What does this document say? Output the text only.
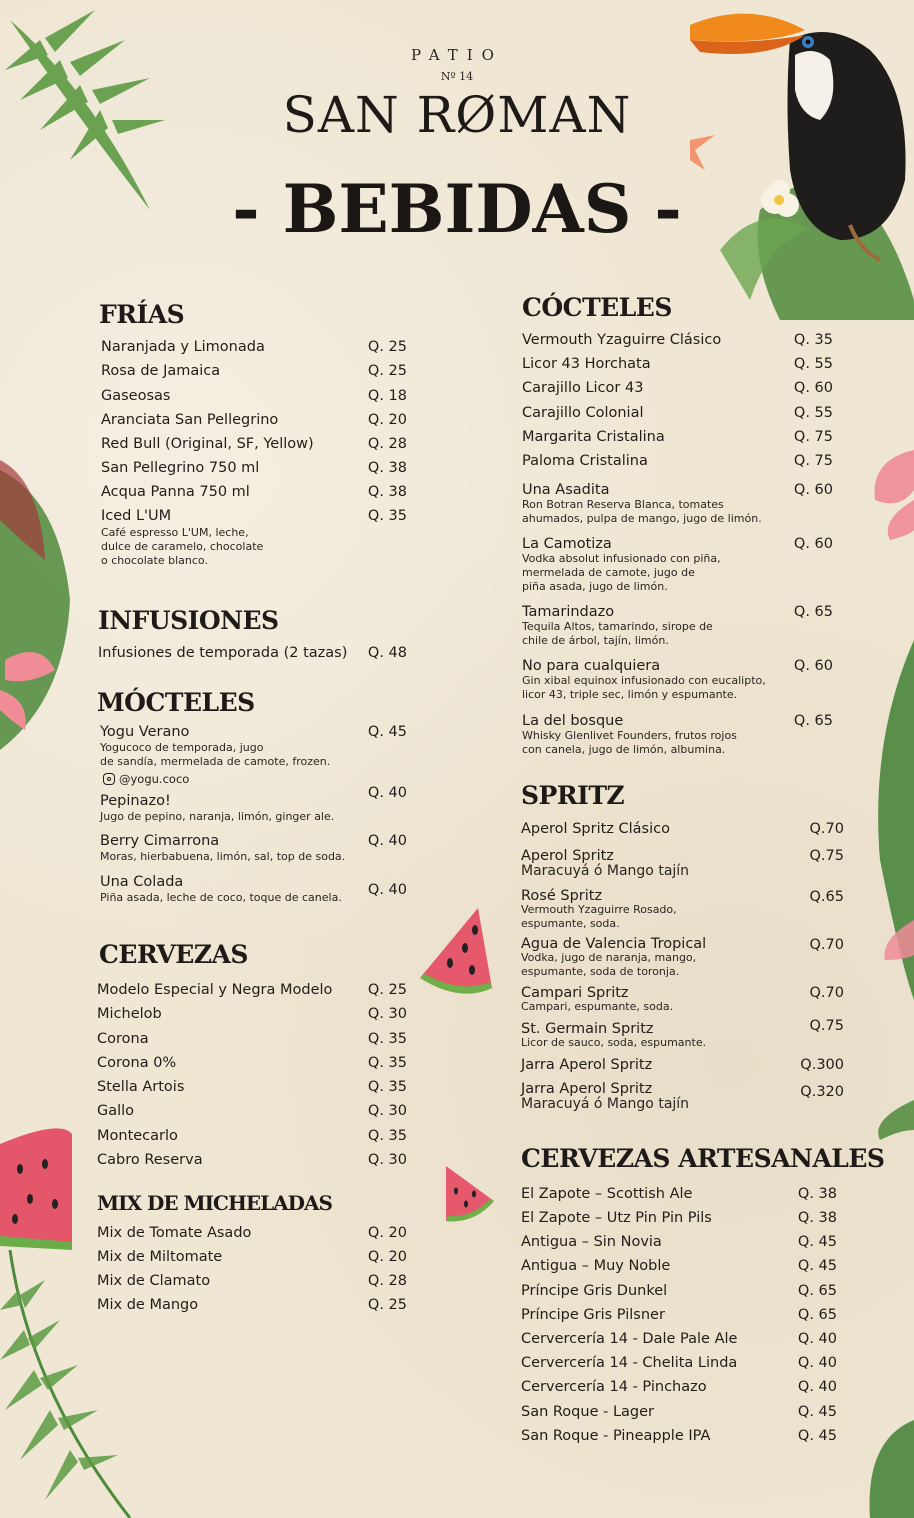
PATIO
Nº 14
SAN RØMAN
- BEBIDAS -
FRÍAS
INFUSIONES
MÓCTELES
CERVEZAS
MIX DE MICHELADAS
CÓCTELES
SPRITZ
CERVEZAS ARTESANALES
@yogu.coco
Naranjada y Limonada	Q. 25
Rosa de Jamaica	Q. 25
Gaseosas	Q. 18
Aranciata San Pellegrino	Q. 20
Red Bull (Original, SF, Yellow)	Q. 28
San Pellegrino 750 ml	Q. 38
Acqua Panna 750 ml	Q. 38
Iced L'UM	Q. 35
Café espresso L'UM, leche,
dulce de caramelo, chocolate
o chocolate blanco.
Infusiones de temporada (2 tazas) Q. 48
Yogu Verano	Q. 45
Yogucoco de temporada, jugo
de sandía, mermelada de camote, frozen.
Pepinazo!	Q. 40
Jugo de pepino, naranja, limón, ginger ale.
Berry Cimarrona	Q. 40
Moras, hierbabuena, limón, sal, top de soda.
Una Colada	Q. 40
Piña asada, leche de coco, toque de canela.
Modelo Especial y Negra Modelo Q. 25
Michelob	Q. 30
Corona	Q. 35
Corona 0%	Q. 35
Stella Artois	Q. 35
Gallo	Q. 30
Montecarlo	Q. 35
Cabro Reserva	Q. 30
Mix de Tomate Asado	Q. 20
Mix de Miltomate	Q. 20
Mix de Clamato	Q. 28
Mix de Mango	Q. 25
Vermouth Yzaguirre Clásico	Q. 35
Licor 43 Horchata	Q. 55
Carajillo Licor 43	Q. 60
Carajillo Colonial	Q. 55
Margarita Cristalina	Q. 75
Paloma Cristalina	Q. 75
Una Asadita	Q. 60
Ron Botran Reserva Blanca, tomates
ahumados, pulpa de mango, jugo de limón.
La Camotiza	Q. 60
Vodka absolut infusionado con piña,
mermelada de camote, jugo de
piña asada, jugo de limón.
Tamarindazo	Q. 65
Tequila Altos, tamarindo, sirope de
chile de árbol, tajín, limón.
No para cualquiera	Q. 60
Gin xibal equinox infusionado con eucalipto,
licor 43, triple sec, limón y espumante.
La del bosque	Q. 65
Whisky Glenlivet Founders, frutos rojos
con canela, jugo de limón, albumina.
Aperol Spritz Clásico	Q.70
Aperol Spritz	Q.75
Maracuyá ó Mango tajín
Rosé Spritz	Q.65
Vermouth Yzaguirre Rosado,
espumante, soda.
Agua de Valencia Tropical	Q.70
Vodka, jugo de naranja, mango,
espumante, soda de toronja.
Campari Spritz	Q.70
Campari, espumante, soda.
St. Germain Spritz	Q.75
Licor de sauco, soda, espumante.
Jarra Aperol Spritz	Q.300
Jarra Aperol Spritz	Q.320
Maracuyá ó Mango tajín
El Zapote – Scottish Ale	Q. 38
El Zapote – Utz Pin Pin Pils	Q. 38
Antigua – Sin Novia	Q. 45
Antigua – Muy Noble	Q. 45
Príncipe Gris Dunkel	Q. 65
Príncipe Gris Pilsner	Q. 65
Cervercería 14 - Dale Pale Ale	Q. 40
Cervercería 14 - Chelita Linda	Q. 40
Cervercería 14 - Pinchazo	Q. 40
San Roque - Lager	Q. 45
San Roque - Pineapple IPA	Q. 45
